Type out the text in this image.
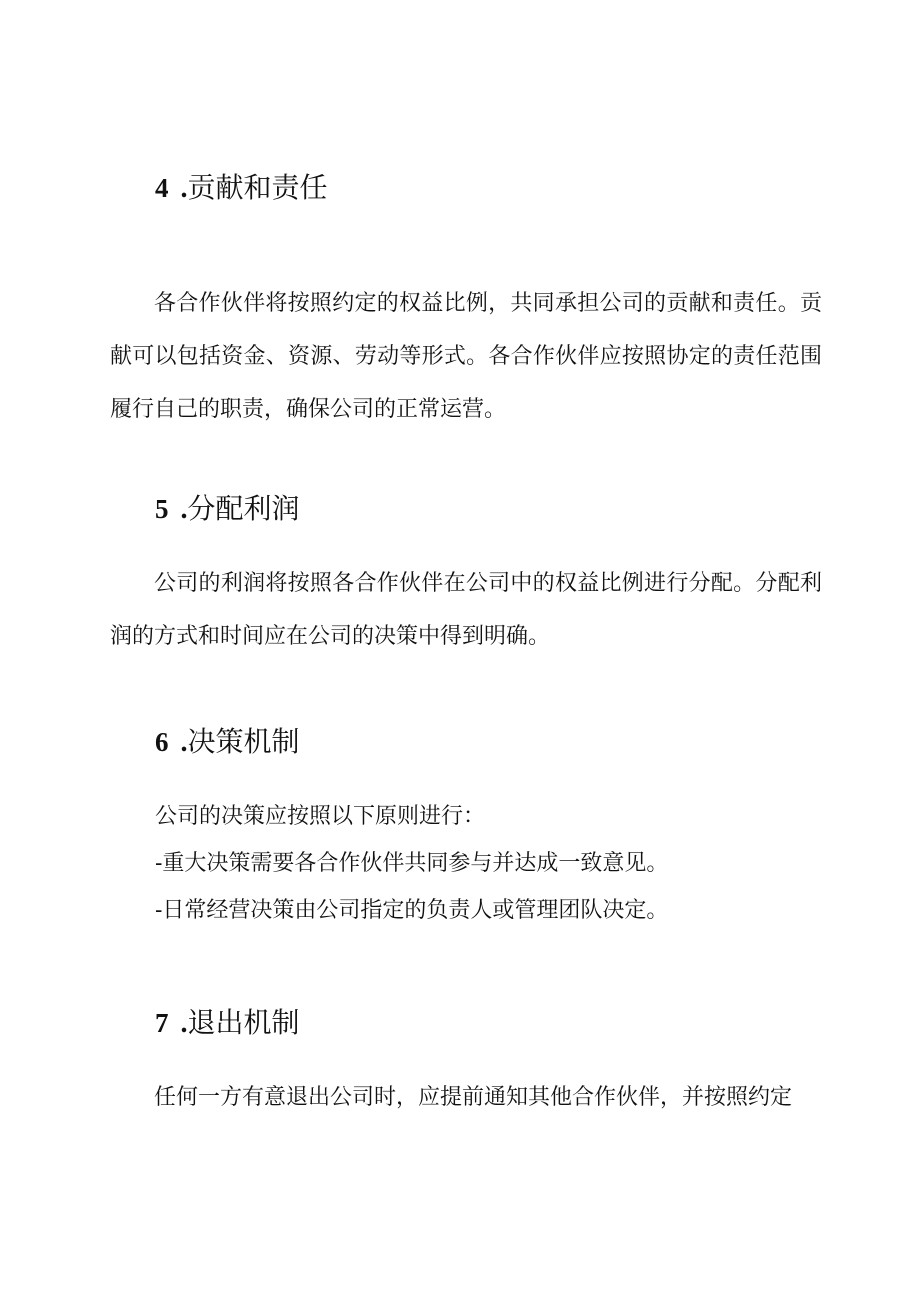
4 .贡献和责任

各合作伙伴将按照约定的权益比例，共同承担公司的贡献和责任。贡献可以包括资金、资源、劳动等形式。各合作伙伴应按照协定的责任范围履行自己的职责，确保公司的正常运营。

5 .分配利润

公司的利润将按照各合作伙伴在公司中的权益比例进行分配。分配利润的方式和时间应在公司的决策中得到明确。

6 .决策机制

公司的决策应按照以下原则进行：

-重大决策需要各合作伙伴共同参与并达成一致意见。

-日常经营决策由公司指定的负责人或管理团队决定。

7 .退出机制

任何一方有意退出公司时，应提前通知其他合作伙伴，并按照约定
